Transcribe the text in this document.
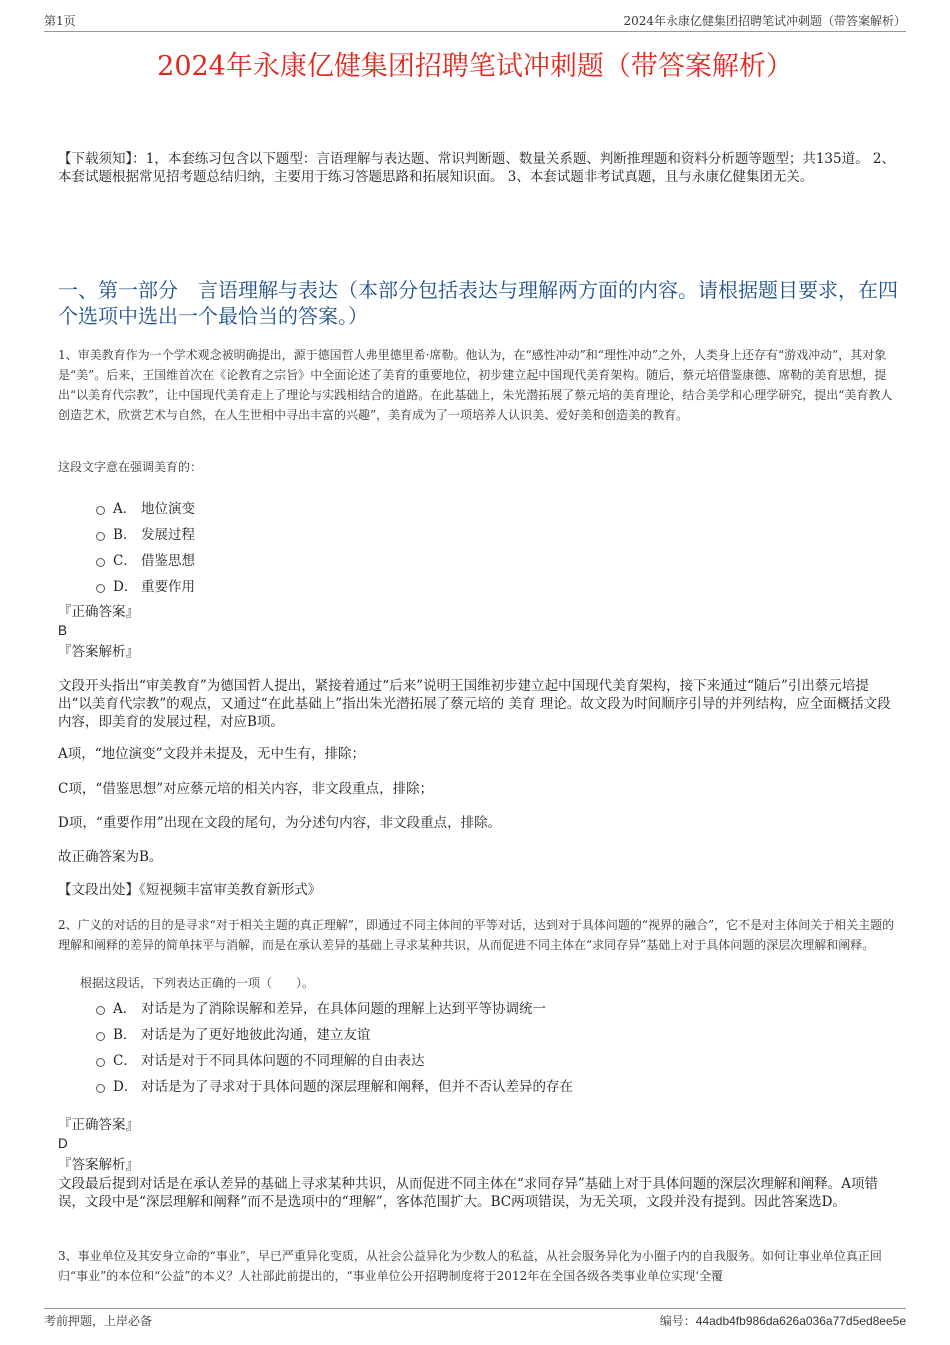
第1页	2024年永康亿健集团招聘笔试冲刺题（带答案解析）
2024年永康亿健集团招聘笔试冲刺题（带答案解析）
【下载须知】：1，本套练习包含以下题型：言语理解与表达题、常识判断题、数量关系题、判断推理题和资料分析题等题型；共135道。 2、本套试题根据常见招考题总结归纳，主要用于练习答题思路和拓展知识面。 3、本套试题非考试真题，且与永康亿健集团无关。
一、第一部分　言语理解与表达（本部分包括表达与理解两方面的内容。请根据题目要求，在四个选项中选出一个最恰当的答案。）
1、审美教育作为一个学术观念被明确提出，源于德国哲人弗里德里希·席勒。他认为，在“感性冲动”和“理性冲动”之外，人类身上还存有“游戏冲动”，其对象是“美”。后来，王国维首次在《论教育之宗旨》中全面论述了美育的重要地位，初步建立起中国现代美育架构。随后，蔡元培借鉴康德、席勒的美育思想，提出“以美育代宗教”，让中国现代美育走上了理论与实践相结合的道路。在此基础上，朱光潜拓展了蔡元培的美育理论，结合美学和心理学研究，提出“美育教人创造艺术，欣赏艺术与自然，在人生世相中寻出丰富的兴趣”，美育成为了一项培养人认识美、爱好美和创造美的教育。
这段文字意在强调美育的：
A． 地位演变
B． 发展过程
C． 借鉴思想
D． 重要作用
『正确答案』
B
『答案解析』
文段开头指出“审美教育”为德国哲人提出，紧接着通过“后来”说明王国维初步建立起中国现代美育架构，接下来通过“随后”引出蔡元培提出“以美育代宗教”的观点，又通过“在此基础上”指出朱光潜拓展了蔡元培的 美育 理论。故文段为时间顺序引导的并列结构，应全面概括文段内容，即美育的发展过程，对应B项。
A项，“地位演变”文段并未提及，无中生有，排除；
C项，“借鉴思想”对应蔡元培的相关内容，非文段重点，排除；
D项，“重要作用”出现在文段的尾句，为分述句内容，非文段重点，排除。
故正确答案为B。
【文段出处】《短视频丰富审美教育新形式》
2、广义的对话的目的是寻求“对于相关主题的真正理解”，即通过不同主体间的平等对话，达到对于具体问题的“视界的融合”，它不是对主体间关于相关主题的理解和阐释的差异的简单抹平与消解，而是在承认差异的基础上寻求某种共识，从而促进不同主体在“求同存异”基础上对于具体问题的深层次理解和阐释。
根据这段话，下列表达正确的一项（　　）。
A． 对话是为了消除误解和差异，在具体问题的理解上达到平等协调统一
B． 对话是为了更好地彼此沟通，建立友谊
C． 对话是对于不同具体问题的不同理解的自由表达
D． 对话是为了寻求对于具体问题的深层理解和阐释，但并不否认差异的存在
『正确答案』
D
『答案解析』
文段最后提到对话是在承认差异的基础上寻求某种共识，从而促进不同主体在“求同存异”基础上对于具体问题的深层次理解和阐释。A项错误，文段中是“深层理解和阐释”而不是选项中的“理解”，客体范围扩大。BC两项错误，为无关项，文段并没有提到。因此答案选D。
3、事业单位及其安身立命的“事业”，早已严重异化变质，从社会公益异化为少数人的私益，从社会服务异化为小圈子内的自我服务。如何让事业单位真正回归“事业”的本位和“公益”的本义？人社部此前提出的，“事业单位公开招聘制度将于2012年在全国各级各类事业单位实现‘全覆
考前押题，上岸必备	编号：44adb4fb986da626a036a77d5ed8ee5e
